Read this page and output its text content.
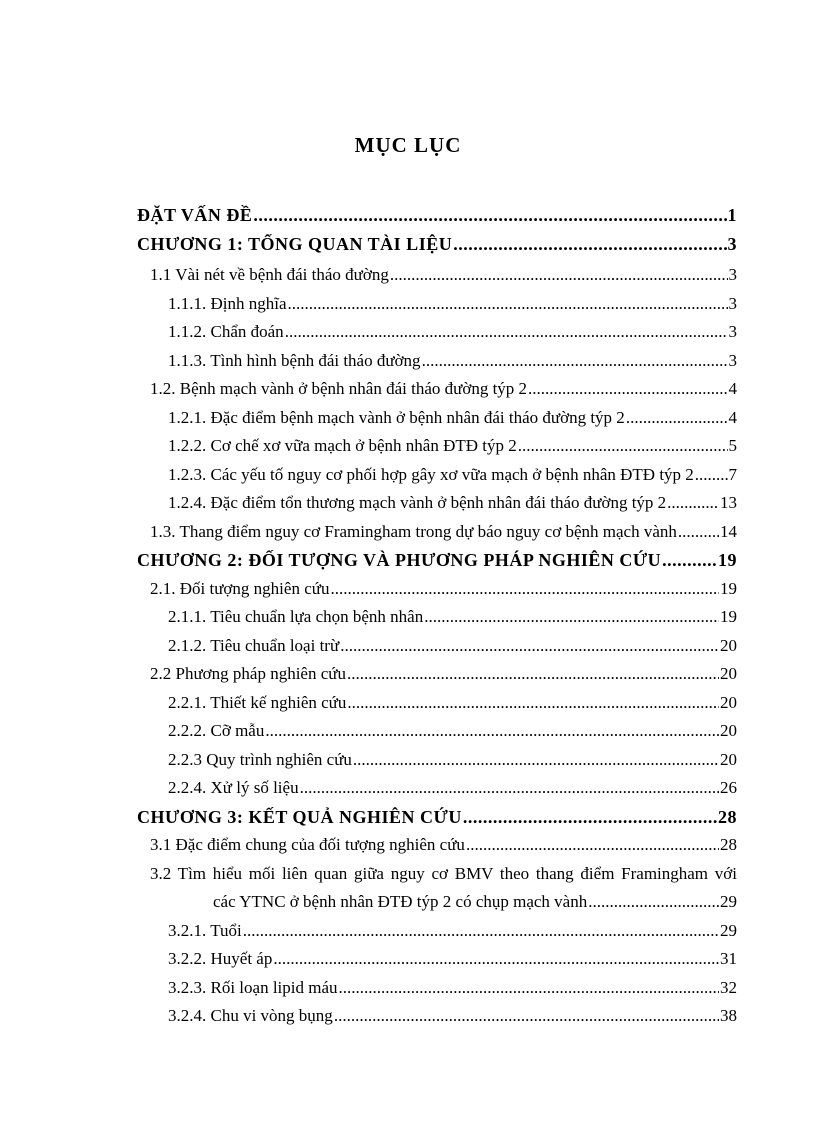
MỤC LỤC
ĐẶT VẤN ĐỀ .....	1
CHƯƠNG 1: TỔNG QUAN TÀI LIỆU .....	3
1.1 Vài nét về bệnh đái tháo đường .....	3
1.1.1. Định nghĩa .....	3
1.1.2. Chẩn đoán .....	3
1.1.3. Tình hình bệnh đái tháo đường .....	3
1.2. Bệnh mạch vành ở bệnh nhân đái tháo đường týp 2 .....	4
1.2.1. Đặc điểm bệnh mạch vành ở bệnh nhân đái tháo đường týp 2 .....	4
1.2.2. Cơ chế xơ vữa mạch ở bệnh nhân ĐTĐ týp 2 .....	5
1.2.3. Các yếu tố nguy cơ phối hợp gây xơ vữa mạch ở bệnh nhân ĐTĐ týp 2 ..... 7
1.2.4. Đặc điểm tổn thương mạch vành ở bệnh nhân đái tháo đường týp 2 .....	13
1.3. Thang điểm nguy cơ Framingham trong dự báo nguy cơ bệnh mạch vành .....	14
CHƯƠNG 2: ĐỐI TƯỢNG VÀ PHƯƠNG PHÁP NGHIÊN CỨU .....	19
2.1. Đối tượng nghiên cứu .....	19
2.1.1. Tiêu chuẩn lựa chọn bệnh nhân .....	19
2.1.2. Tiêu chuẩn loại trừ .....	20
2.2 Phương pháp nghiên cứu .....	20
2.2.1. Thiết kế nghiên cứu .....	20
2.2.2. Cỡ mẫu .....	20
2.2.3 Quy trình nghiên cứu .....	20
2.2.4. Xử lý số liệu .....	26
CHƯƠNG 3: KẾT QUẢ NGHIÊN CỨU .....	28
3.1 Đặc điểm chung của đối tượng nghiên cứu .....	28
3.2 Tìm hiểu mối liên quan giữa nguy cơ BMV theo thang điểm Framingham với
các YTNC ở bệnh nhân ĐTĐ týp 2 có chụp mạch vành .....	29
3.2.1. Tuổi .....	29
3.2.2. Huyết áp .....	31
3.2.3. Rối loạn lipid máu .....	32
3.2.4. Chu vi vòng bụng .....	38
